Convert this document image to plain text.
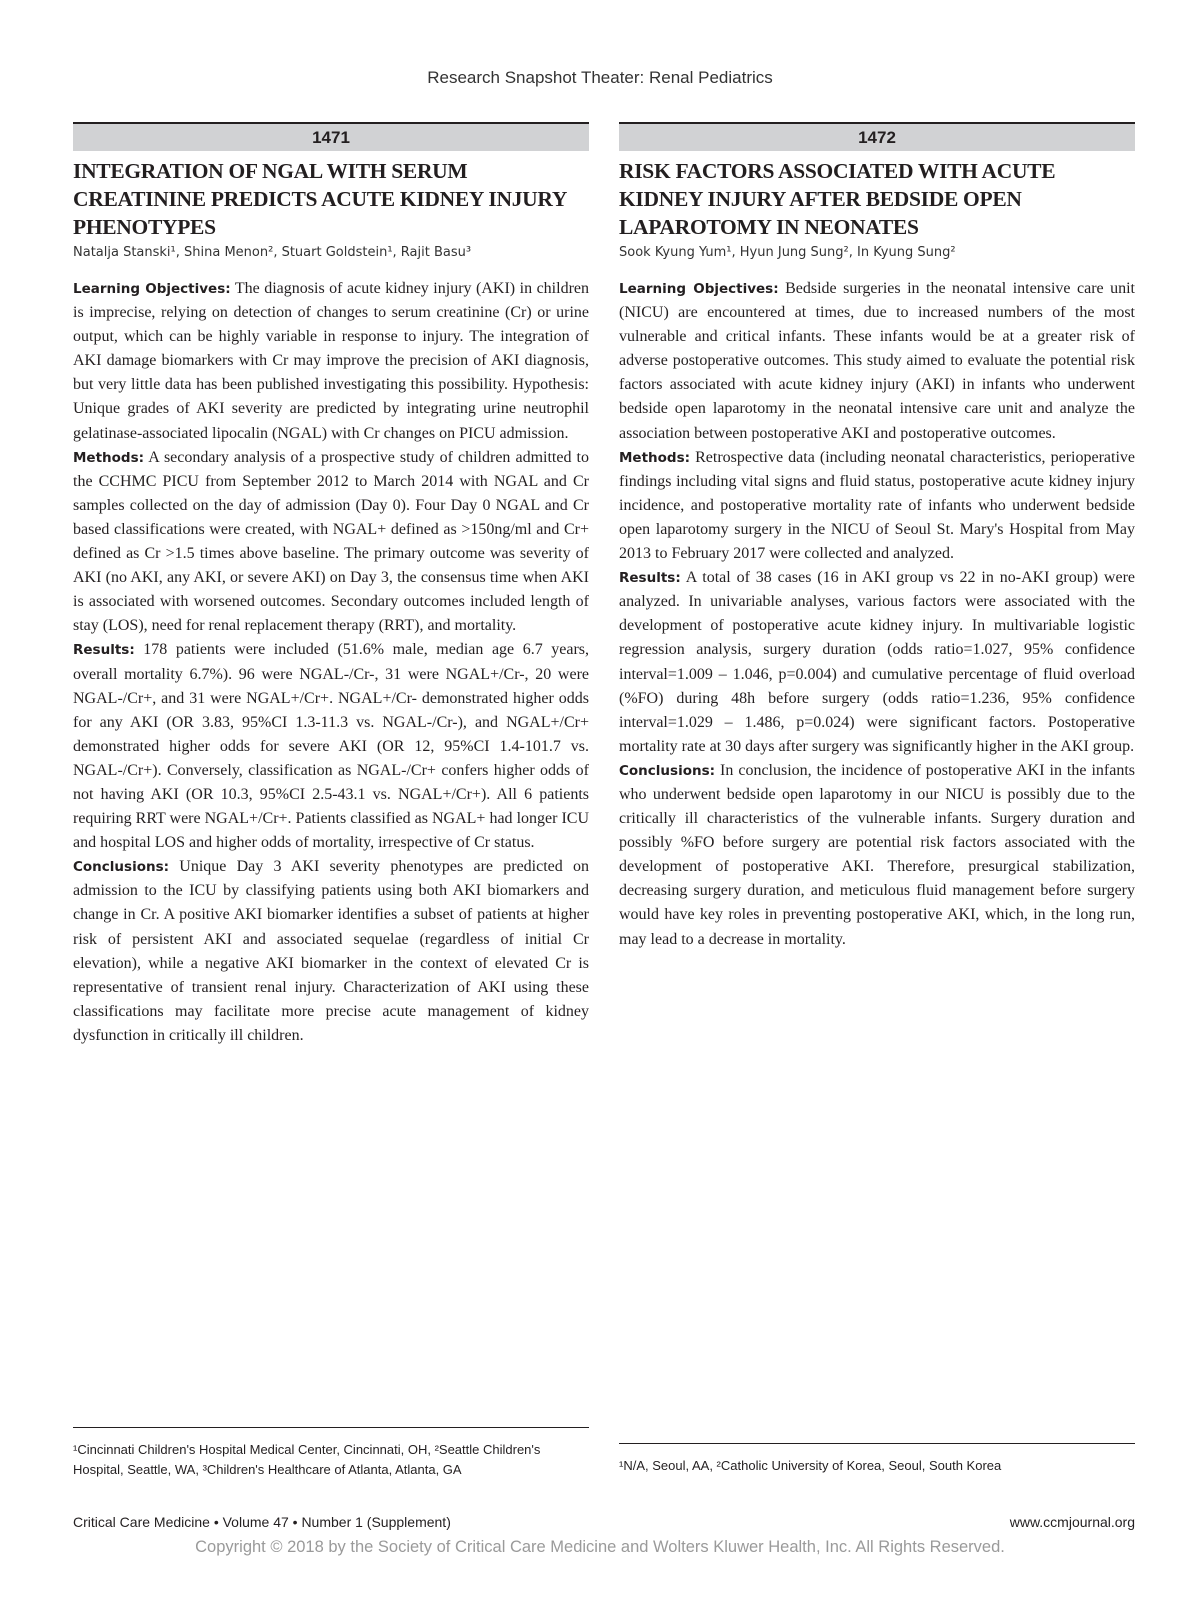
Research Snapshot Theater: Renal Pediatrics
1471
INTEGRATION OF NGAL WITH SERUM CREATININE PREDICTS ACUTE KIDNEY INJURY PHENOTYPES
Natalja Stanski¹, Shina Menon², Stuart Goldstein¹, Rajit Basu³

Learning Objectives: The diagnosis of acute kidney injury (AKI) in children is imprecise, relying on detection of changes to serum creatinine (Cr) or urine output, which can be highly variable in response to injury. The integration of AKI damage biomarkers with Cr may improve the precision of AKI diagnosis, but very little data has been published investigating this possibility. Hypothesis: Unique grades of AKI severity are predicted by integrating urine neutrophil gelatinase-associated lipocalin (NGAL) with Cr changes on PICU admission.

Methods: A secondary analysis of a prospective study of children admitted to the CCHMC PICU from September 2012 to March 2014 with NGAL and Cr samples collected on the day of admission (Day 0). Four Day 0 NGAL and Cr based classifications were created, with NGAL+ defined as >150ng/ml and Cr+ defined as Cr >1.5 times above baseline. The primary outcome was severity of AKI (no AKI, any AKI, or severe AKI) on Day 3, the consensus time when AKI is associated with worsened outcomes. Secondary outcomes included length of stay (LOS), need for renal replacement therapy (RRT), and mortality.

Results: 178 patients were included (51.6% male, median age 6.7 years, overall mortality 6.7%). 96 were NGAL-/Cr-, 31 were NGAL+/Cr-, 20 were NGAL-/Cr+, and 31 were NGAL+/Cr+. NGAL+/Cr- demonstrated higher odds for any AKI (OR 3.83, 95%CI 1.3-11.3 vs. NGAL-/Cr-), and NGAL+/Cr+ demonstrated higher odds for severe AKI (OR 12, 95%CI 1.4-101.7 vs. NGAL-/Cr+). Conversely, classification as NGAL-/Cr+ confers higher odds of not having AKI (OR 10.3, 95%CI 2.5-43.1 vs. NGAL+/Cr+). All 6 patients requiring RRT were NGAL+/Cr+. Patients classified as NGAL+ had longer ICU and hospital LOS and higher odds of mortality, irrespective of Cr status.

Conclusions: Unique Day 3 AKI severity phenotypes are predicted on admission to the ICU by classifying patients using both AKI biomarkers and change in Cr. A positive AKI biomarker identifies a subset of patients at higher risk of persistent AKI and associated sequelae (regardless of initial Cr elevation), while a negative AKI biomarker in the context of elevated Cr is representative of transient renal injury. Characterization of AKI using these classifications may facilitate more precise acute management of kidney dysfunction in critically ill children.

1472
RISK FACTORS ASSOCIATED WITH ACUTE KIDNEY INJURY AFTER BEDSIDE OPEN LAPAROTOMY IN NEONATES
Sook Kyung Yum¹, Hyun Jung Sung², In Kyung Sung²

Learning Objectives: Bedside surgeries in the neonatal intensive care unit (NICU) are encountered at times, due to increased numbers of the most vulnerable and critical infants. These infants would be at a greater risk of adverse postoperative outcomes. This study aimed to evaluate the potential risk factors associated with acute kidney injury (AKI) in infants who underwent bedside open laparotomy in the neonatal intensive care unit and analyze the association between postoperative AKI and postoperative outcomes.

Methods: Retrospective data (including neonatal characteristics, perioperative findings including vital signs and fluid status, postoperative acute kidney injury incidence, and postoperative mortality rate of infants who underwent bedside open laparotomy surgery in the NICU of Seoul St. Mary's Hospital from May 2013 to February 2017 were collected and analyzed.

Results: A total of 38 cases (16 in AKI group vs 22 in no-AKI group) were analyzed. In univariable analyses, various factors were associated with the development of postoperative acute kidney injury. In multivariable logistic regression analysis, surgery duration (odds ratio=1.027, 95% confidence interval=1.009 – 1.046, p=0.004) and cumulative percentage of fluid overload (%FO) during 48h before surgery (odds ratio=1.236, 95% confidence interval=1.029 – 1.486, p=0.024) were significant factors. Postoperative mortality rate at 30 days after surgery was significantly higher in the AKI group.

Conclusions: In conclusion, the incidence of postoperative AKI in the infants who underwent bedside open laparotomy in our NICU is possibly due to the critically ill characteristics of the vulnerable infants. Surgery duration and possibly %FO before surgery are potential risk factors associated with the development of postoperative AKI. Therefore, presurgical stabilization, decreasing surgery duration, and meticulous fluid management before surgery would have key roles in preventing postoperative AKI, which, in the long run, may lead to a decrease in mortality.

¹Cincinnati Children's Hospital Medical Center, Cincinnati, OH, ²Seattle Children's Hospital, Seattle, WA, ³Children's Healthcare of Atlanta, Atlanta, GA	¹N/A, Seoul, AA, ²Catholic University of Korea, Seoul, South Korea
Critical Care Medicine • Volume 47 • Number 1 (Supplement)	www.ccmjournal.org
Copyright © 2018 by the Society of Critical Care Medicine and Wolters Kluwer Health, Inc. All Rights Reserved.
